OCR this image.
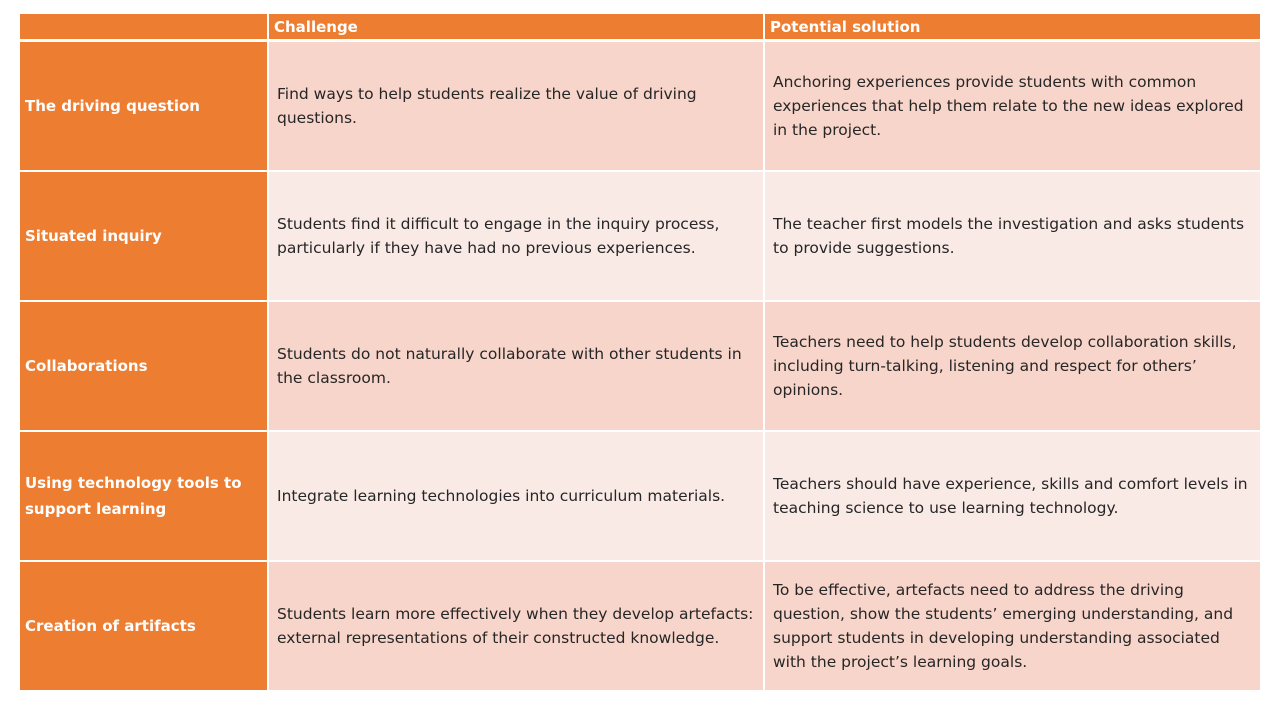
	Challenge	Potential solution
The driving question	Find ways to help students realize the value of driving questions.	Anchoring experiences provide students with common experiences that help them relate to the new ideas explored in the project.
Situated inquiry	Students find it difficult to engage in the inquiry process, particularly if they have had no previous experiences.	The teacher first models the investigation and asks students to provide suggestions.
Collaborations	Students do not naturally collaborate with other students in the classroom.	Teachers need to help students develop collaboration skills, including turn-talking, listening and respect for others’ opinions.
Using technology tools to support learning	Integrate learning technologies into curriculum materials.	Teachers should have experience, skills and comfort levels in teaching science to use learning technology.
Creation of artifacts	Students learn more effectively when they develop artefacts: external representations of their constructed knowledge.	To be effective, artefacts need to address the driving question, show the students’ emerging understanding, and support students in developing understanding associated with the project’s learning goals.
